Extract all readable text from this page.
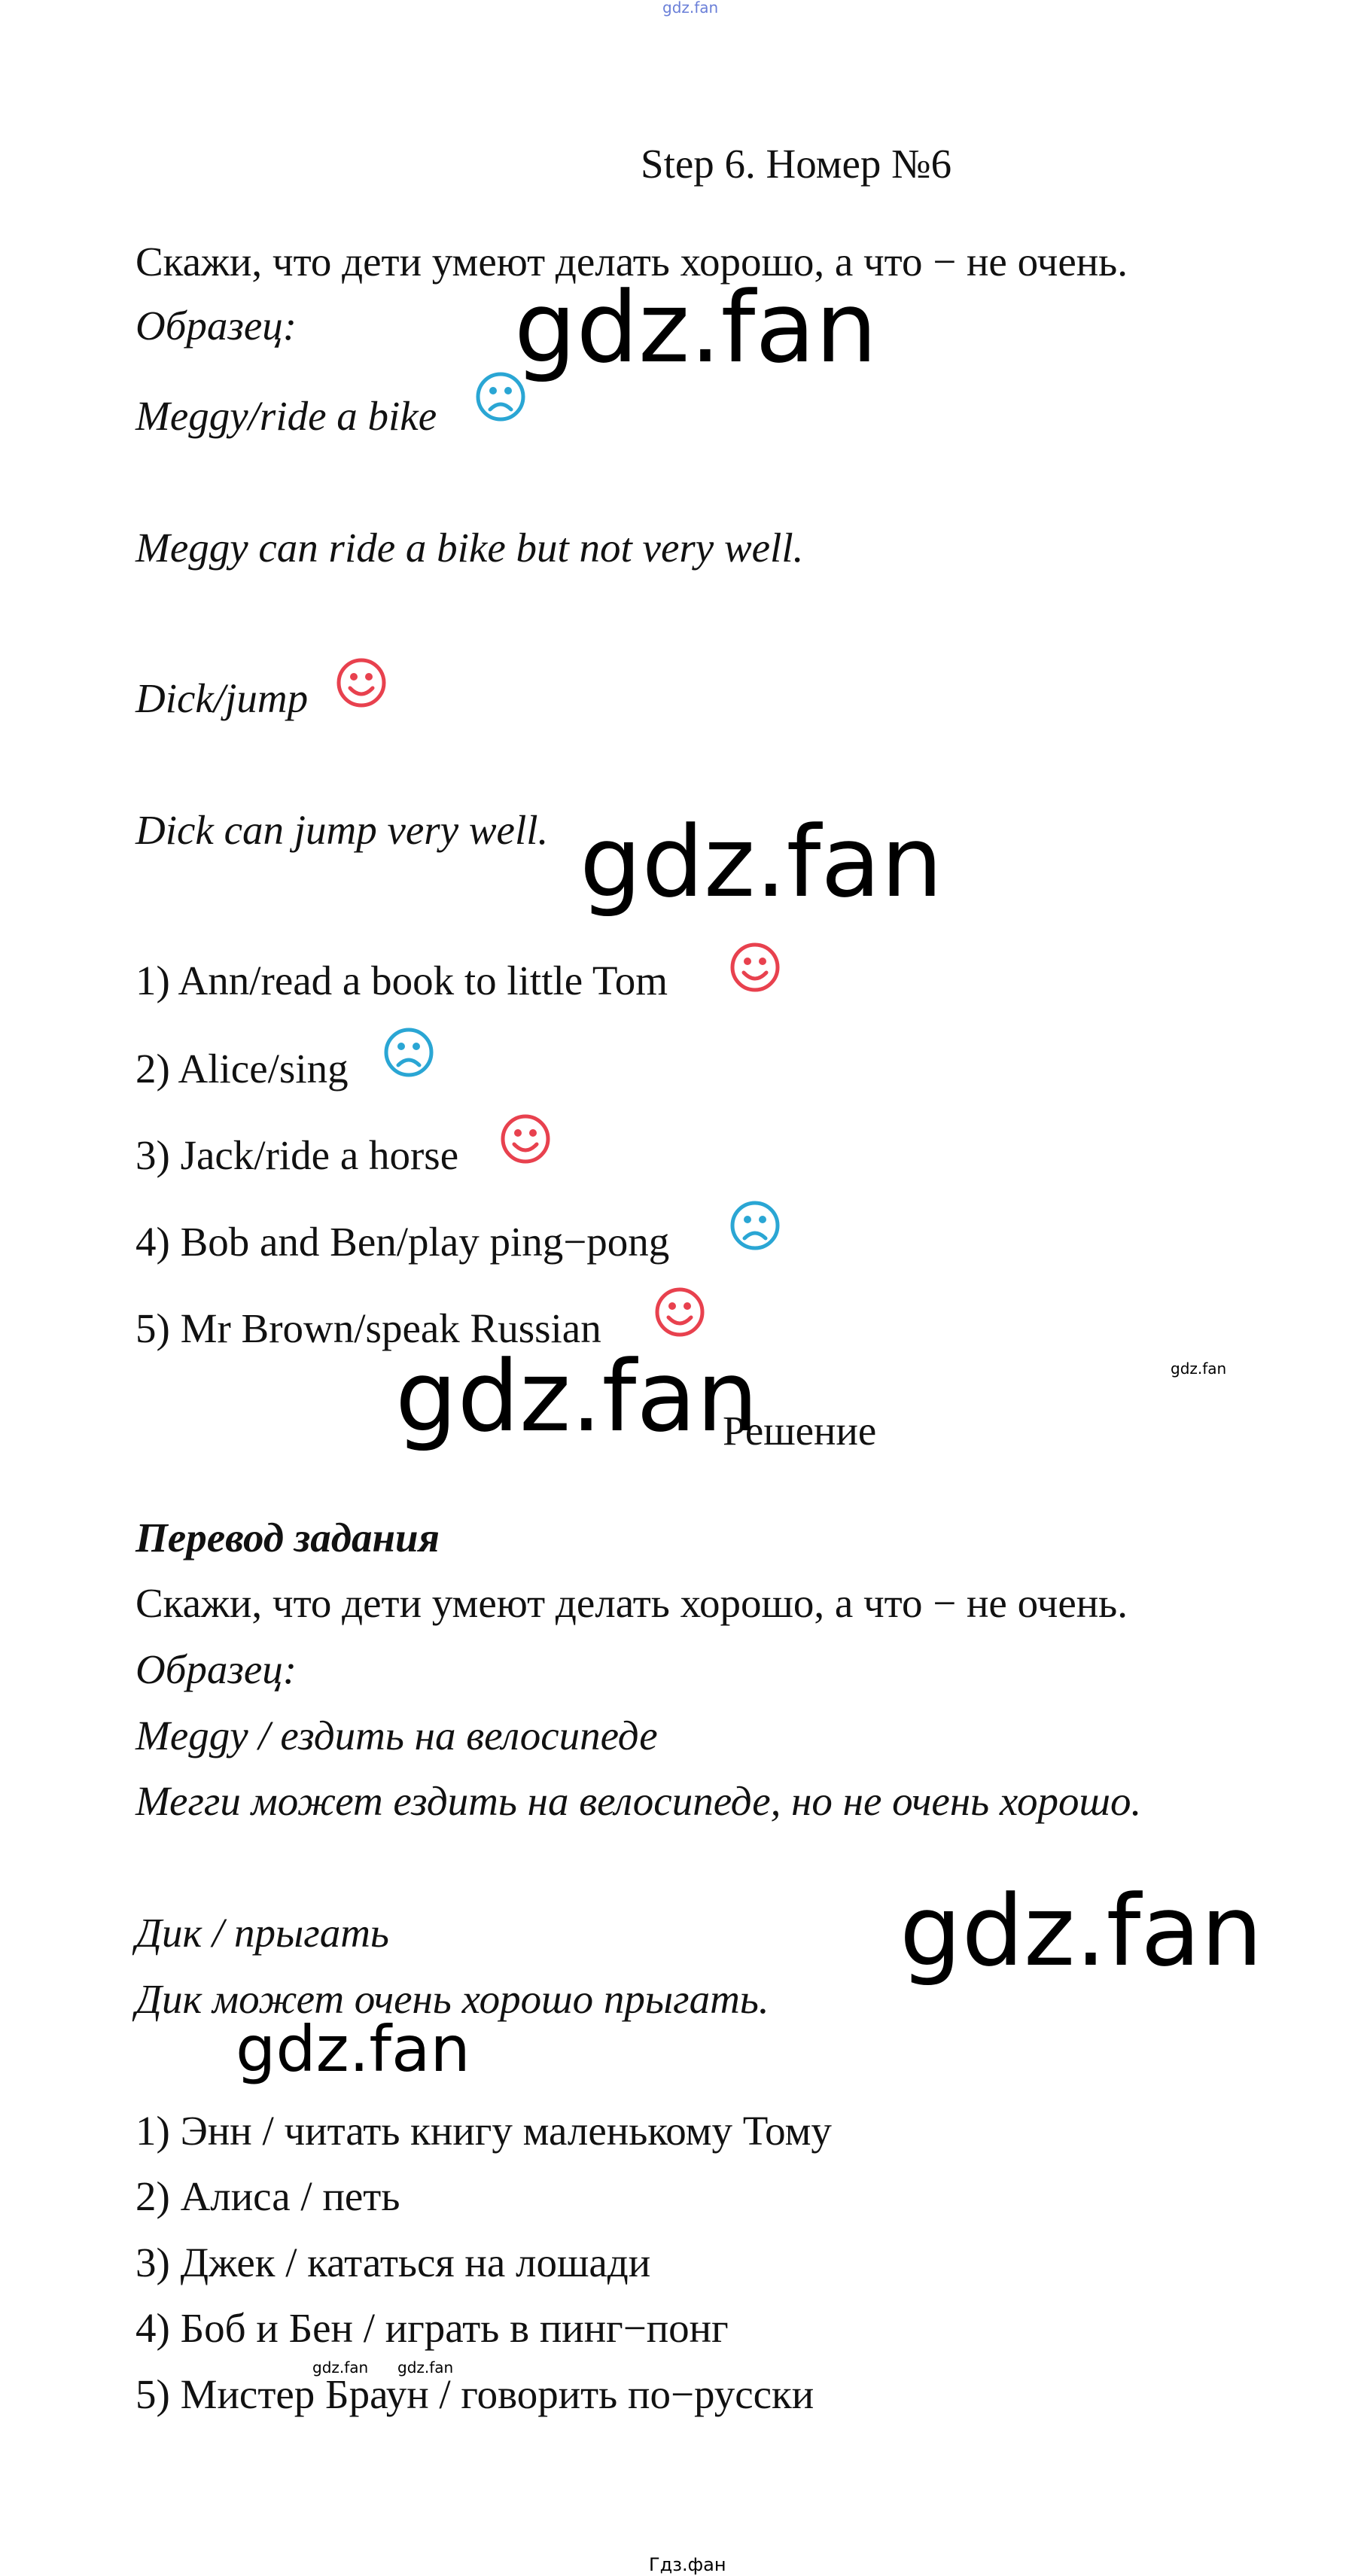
gdz.fan
Step 6. Номер №6
Скажи, что дети умеют делать хорошо, а что − не очень.
Образец:
Meggy/ride a bike
Meggy can ride a bike but not very well.
Dick/jump
Dick can jump very well.
1) Ann/read a book to little Tom
2) Alice/sing
3) Jack/ride a horse
4) Bob and Ben/play ping−pong
5) Mr Brown/speak Russian
Решение
Перевод задания
Скажи, что дети умеют делать хорошо, а что − не очень.
Образец:
Meggy / ездить на велосипеде
Мегги может ездить на велосипеде, но не очень хорошо.
Дик / прыгать
Дик может очень хорошо прыгать.
1) Энн / читать книгу маленькому Тому
2) Алиса / петь
3) Джек / кататься на лошади
4) Боб и Бен / играть в пинг−понг
5) Мистер Браун / говорить по−русски
gdz.fan
gdz.fan
gdz.fan
gdz.fan
gdz.fan
gdz.fan
gdz.fan gdz.fan
Гдз.фан
